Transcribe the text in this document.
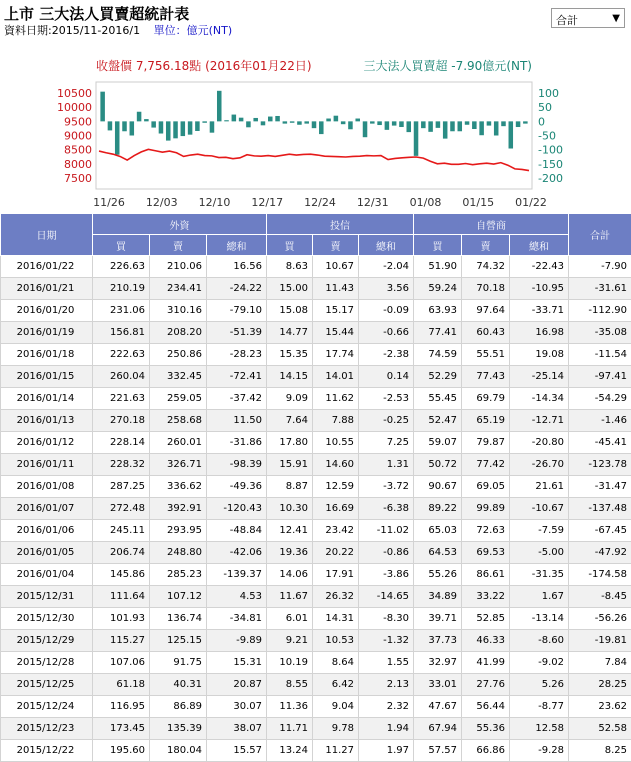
上市 三大法人買賣超統計表
資料日期:2015/11-2016/1 單位：億元(NT)
合計	▼
收盤價 7,756.18點 (2016年01月22日)	三大法人買賣超 -7.90億元(NT)
10500
10000
9500
9000
8500
8000
7500
100
50
0
-50
-100
-150
-200
11/26 12/03 12/10 12/17 12/24 12/31 01/08 01/15 01/22
日期	外資			投信			自營商			合計
	買	賣	總和	買	賣	總和	買	賣	總和	
2016/01/22	226.63	210.06	16.56	8.63	10.67	-2.04	51.90	74.32	-22.43	-7.90
2016/01/21	210.19	234.41	-24.22	15.00	11.43	3.56	59.24	70.18	-10.95	-31.61
2016/01/20	231.06	310.16	-79.10	15.08	15.17	-0.09	63.93	97.64	-33.71	-112.90
2016/01/19	156.81	208.20	-51.39	14.77	15.44	-0.66	77.41	60.43	16.98	-35.08
2016/01/18	222.63	250.86	-28.23	15.35	17.74	-2.38	74.59	55.51	19.08	-11.54
2016/01/15	260.04	332.45	-72.41	14.15	14.01	0.14	52.29	77.43	-25.14	-97.41
2016/01/14	221.63	259.05	-37.42	9.09	11.62	-2.53	55.45	69.79	-14.34	-54.29
2016/01/13	270.18	258.68	11.50	7.64	7.88	-0.25	52.47	65.19	-12.71	-1.46
2016/01/12	228.14	260.01	-31.86	17.80	10.55	7.25	59.07	79.87	-20.80	-45.41
2016/01/11	228.32	326.71	-98.39	15.91	14.60	1.31	50.72	77.42	-26.70	-123.78
2016/01/08	287.25	336.62	-49.36	8.87	12.59	-3.72	90.67	69.05	21.61	-31.47
2016/01/07	272.48	392.91	-120.43	10.30	16.69	-6.38	89.22	99.89	-10.67	-137.48
2016/01/06	245.11	293.95	-48.84	12.41	23.42	-11.02	65.03	72.63	-7.59	-67.45
2016/01/05	206.74	248.80	-42.06	19.36	20.22	-0.86	64.53	69.53	-5.00	-47.92
2016/01/04	145.86	285.23	-139.37	14.06	17.91	-3.86	55.26	86.61	-31.35	-174.58
2015/12/31	111.64	107.12	4.53	11.67	26.32	-14.65	34.89	33.22	1.67	-8.45
2015/12/30	101.93	136.74	-34.81	6.01	14.31	-8.30	39.71	52.85	-13.14	-56.26
2015/12/29	115.27	125.15	-9.89	9.21	10.53	-1.32	37.73	46.33	-8.60	-19.81
2015/12/28	107.06	91.75	15.31	10.19	8.64	1.55	32.97	41.99	-9.02	7.84
2015/12/25	61.18	40.31	20.87	8.55	6.42	2.13	33.01	27.76	5.26	28.25
2015/12/24	116.95	86.89	30.07	11.36	9.04	2.32	47.67	56.44	-8.77	23.62
2015/12/23	173.45	135.39	38.07	11.71	9.78	1.94	67.94	55.36	12.58	52.58
2015/12/22	195.60	180.04	15.57	13.24	11.27	1.97	57.57	66.86	-9.28	8.25
